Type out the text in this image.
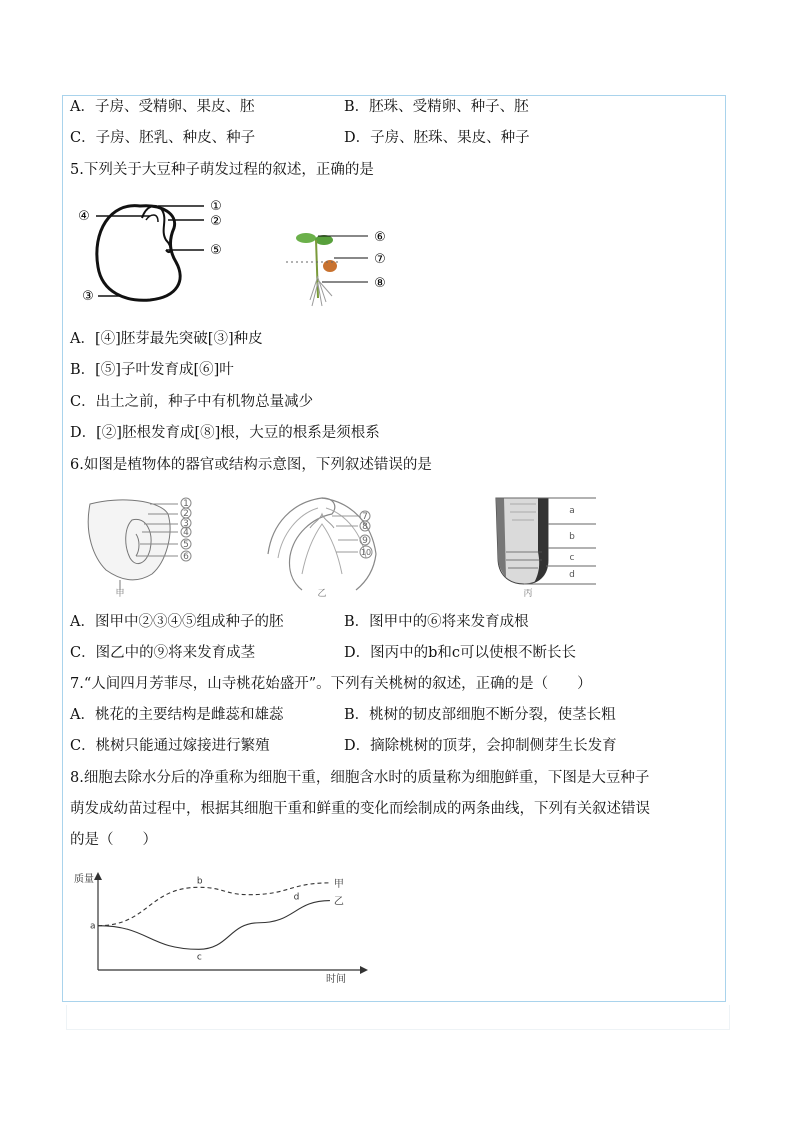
A．子房、受精卵、果皮、胚	B．胚珠、受精卵、种子、胚
C．子房、胚乳、种皮、种子	D．子房、胚珠、果皮、种子
5.下列关于大豆种子萌发过程的叙述，正确的是
①
②
③
④
⑤
⑥
⑦
⑧
A．[④]胚芽最先突破[③]种皮
B．[⑤]子叶发育成[⑥]叶
C．出土之前，种子中有机物总量减少
D．[②]胚根发育成[⑧]根，大豆的根系是须根系
6.如图是植物体的器官或结构示意图，下列叙述错误的是
1
2
3
4
5
6
甲
7
8
9
10
乙
a
b
c
d
丙
A．图甲中②③④⑤组成种子的胚	B．图甲中的⑥将来发育成根
C．图乙中的⑨将来发育成茎	D．图丙中的b和c可以使根不断长长
7.“人间四月芳菲尽，山寺桃花始盛开”。下列有关桃树的叙述，正确的是（　　）
A．桃花的主要结构是雌蕊和雄蕊	B．桃树的韧皮部细胞不断分裂，使茎长粗
C．桃树只能通过嫁接进行繁殖	D．摘除桃树的顶芽，会抑制侧芽生长发育
8.细胞去除水分后的净重称为细胞干重，细胞含水时的质量称为细胞鲜重，下图是大豆种子
萌发成幼苗过程中，根据其细胞干重和鲜重的变化而绘制成的两条曲线，下列有关叙述错误
的是（　　）
质量
时间
甲
乙
a
b
c
d
